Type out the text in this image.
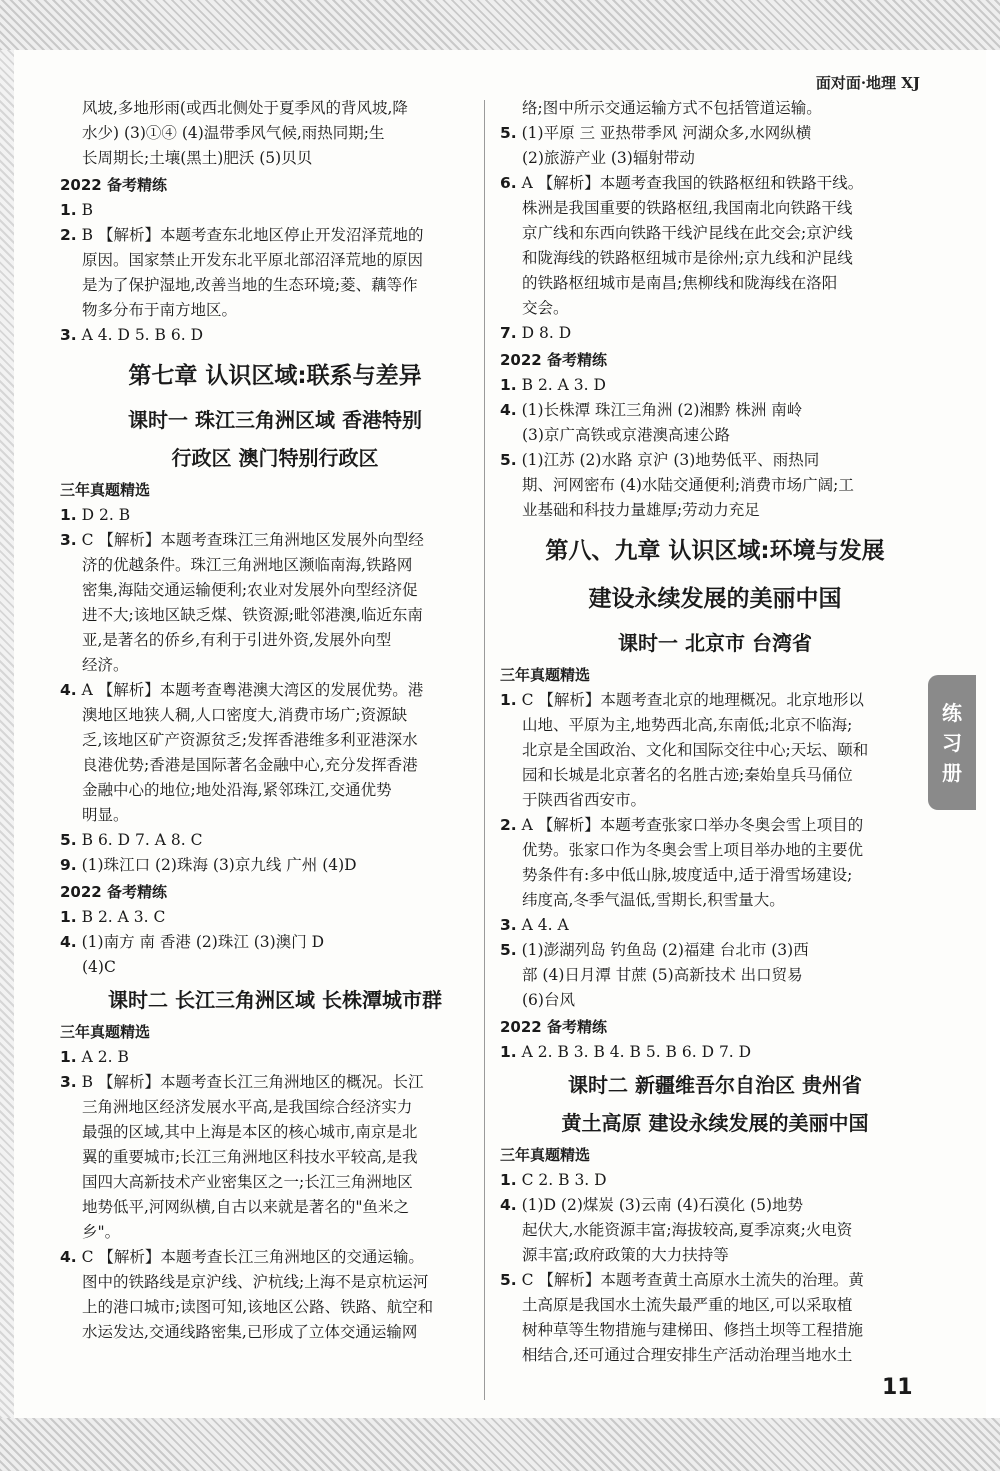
面对面·地理 XJ
风坡,多地形雨(或西北侧处于夏季风的背风坡,降
水少) (3)①④ (4)温带季风气候,雨热同期;生
长周期长;土壤(黑土)肥沃 (5)贝贝
2022 备考精练
1. B
2. B 【解析】本题考查东北地区停止开发沼泽荒地的
原因。国家禁止开发东北平原北部沼泽荒地的原因
是为了保护湿地,改善当地的生态环境;菱、藕等作
物多分布于南方地区。
3. A 4. D 5. B 6. D
第七章 认识区域:联系与差异
课时一 珠江三角洲区域 香港特别
行政区 澳门特别行政区
三年真题精选
1. D 2. B
3. C 【解析】本题考查珠江三角洲地区发展外向型经
济的优越条件。珠江三角洲地区濒临南海,铁路网
密集,海陆交通运输便利;农业对发展外向型经济促
进不大;该地区缺乏煤、铁资源;毗邻港澳,临近东南
亚,是著名的侨乡,有利于引进外资,发展外向型
经济。
4. A 【解析】本题考查粤港澳大湾区的发展优势。港
澳地区地狭人稠,人口密度大,消费市场广;资源缺
乏,该地区矿产资源贫乏;发挥香港维多利亚港深水
良港优势;香港是国际著名金融中心,充分发挥香港
金融中心的地位;地处沿海,紧邻珠江,交通优势
明显。
5. B 6. D 7. A 8. C
9. (1)珠江口 (2)珠海 (3)京九线 广州 (4)D
2022 备考精练
1. B 2. A 3. C
4. (1)南方 南 香港 (2)珠江 (3)澳门 D
(4)C
课时二 长江三角洲区域 长株潭城市群
三年真题精选
1. A 2. B
3. B 【解析】本题考查长江三角洲地区的概况。长江
三角洲地区经济发展水平高,是我国综合经济实力
最强的区域,其中上海是本区的核心城市,南京是北
翼的重要城市;长江三角洲地区科技水平较高,是我
国四大高新技术产业密集区之一;长江三角洲地区
地势低平,河网纵横,自古以来就是著名的"鱼米之
乡"。
4. C 【解析】本题考查长江三角洲地区的交通运输。
图中的铁路线是京沪线、沪杭线;上海不是京杭运河
上的港口城市;读图可知,该地区公路、铁路、航空和
水运发达,交通线路密集,已形成了立体交通运输网
络;图中所示交通运输方式不包括管道运输。
5. (1)平原 三 亚热带季风 河湖众多,水网纵横
(2)旅游产业 (3)辐射带动
6. A 【解析】本题考查我国的铁路枢纽和铁路干线。
株洲是我国重要的铁路枢纽,我国南北向铁路干线
京广线和东西向铁路干线沪昆线在此交会;京沪线
和陇海线的铁路枢纽城市是徐州;京九线和沪昆线
的铁路枢纽城市是南昌;焦柳线和陇海线在洛阳
交会。
7. D 8. D
2022 备考精练
1. B 2. A 3. D
4. (1)长株潭 珠江三角洲 (2)湘黔 株洲 南岭
(3)京广高铁或京港澳高速公路
5. (1)江苏 (2)水路 京沪 (3)地势低平、雨热同
期、河网密布 (4)水陆交通便利;消费市场广阔;工
业基础和科技力量雄厚;劳动力充足
第八、九章 认识区域:环境与发展
建设永续发展的美丽中国
课时一 北京市 台湾省
三年真题精选
1. C 【解析】本题考查北京的地理概况。北京地形以
山地、平原为主,地势西北高,东南低;北京不临海;
北京是全国政治、文化和国际交往中心;天坛、颐和
园和长城是北京著名的名胜古迹;秦始皇兵马俑位
于陕西省西安市。
2. A 【解析】本题考查张家口举办冬奥会雪上项目的
优势。张家口作为冬奥会雪上项目举办地的主要优
势条件有:多中低山脉,坡度适中,适于滑雪场建设;
纬度高,冬季气温低,雪期长,积雪量大。
3. A 4. A
5. (1)澎湖列岛 钓鱼岛 (2)福建 台北市 (3)西
部 (4)日月潭 甘蔗 (5)高新技术 出口贸易
(6)台风
2022 备考精练
1. A 2. B 3. B 4. B 5. B 6. D 7. D
课时二 新疆维吾尔自治区 贵州省
黄土高原 建设永续发展的美丽中国
三年真题精选
1. C 2. B 3. D
4. (1)D (2)煤炭 (3)云南 (4)石漠化 (5)地势
起伏大,水能资源丰富;海拔较高,夏季凉爽;火电资
源丰富;政府政策的大力扶持等
5. C 【解析】本题考查黄土高原水土流失的治理。黄
土高原是我国水土流失最严重的地区,可以采取植
树种草等生物措施与建梯田、修挡土坝等工程措施
相结合,还可通过合理安排生产活动治理当地水土
练
习
册
11
